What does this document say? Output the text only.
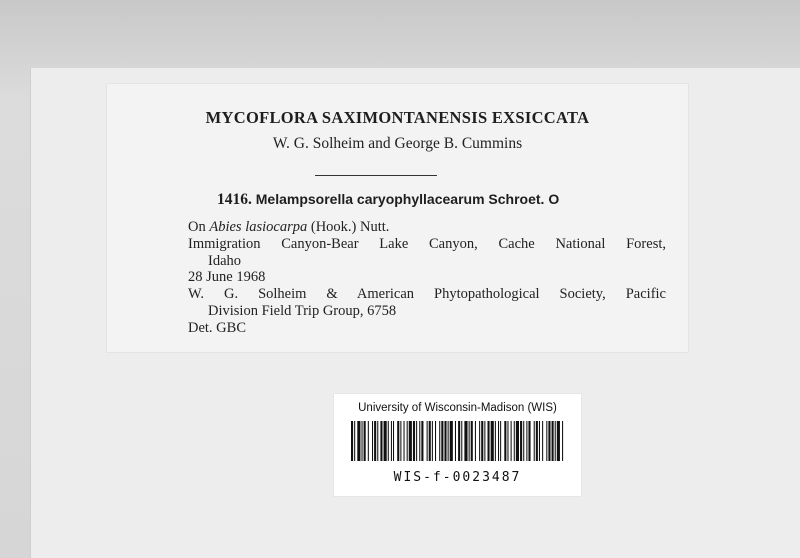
MYCOFLORA SAXIMONTANENSIS EXSICCATA
W. G. Solheim and George B. Cummins
1416. Melampsorella caryophyllacearum Schroet. O
On Abies lasiocarpa (Hook.) Nutt.
Immigration Canyon-Bear Lake Canyon, Cache National Forest,
Idaho
28 June 1968
W. G. Solheim & American Phytopathological Society, Pacific
Division Field Trip Group, 6758
Det. GBC
University of Wisconsin-Madison (WIS)
WIS-f-0023487
